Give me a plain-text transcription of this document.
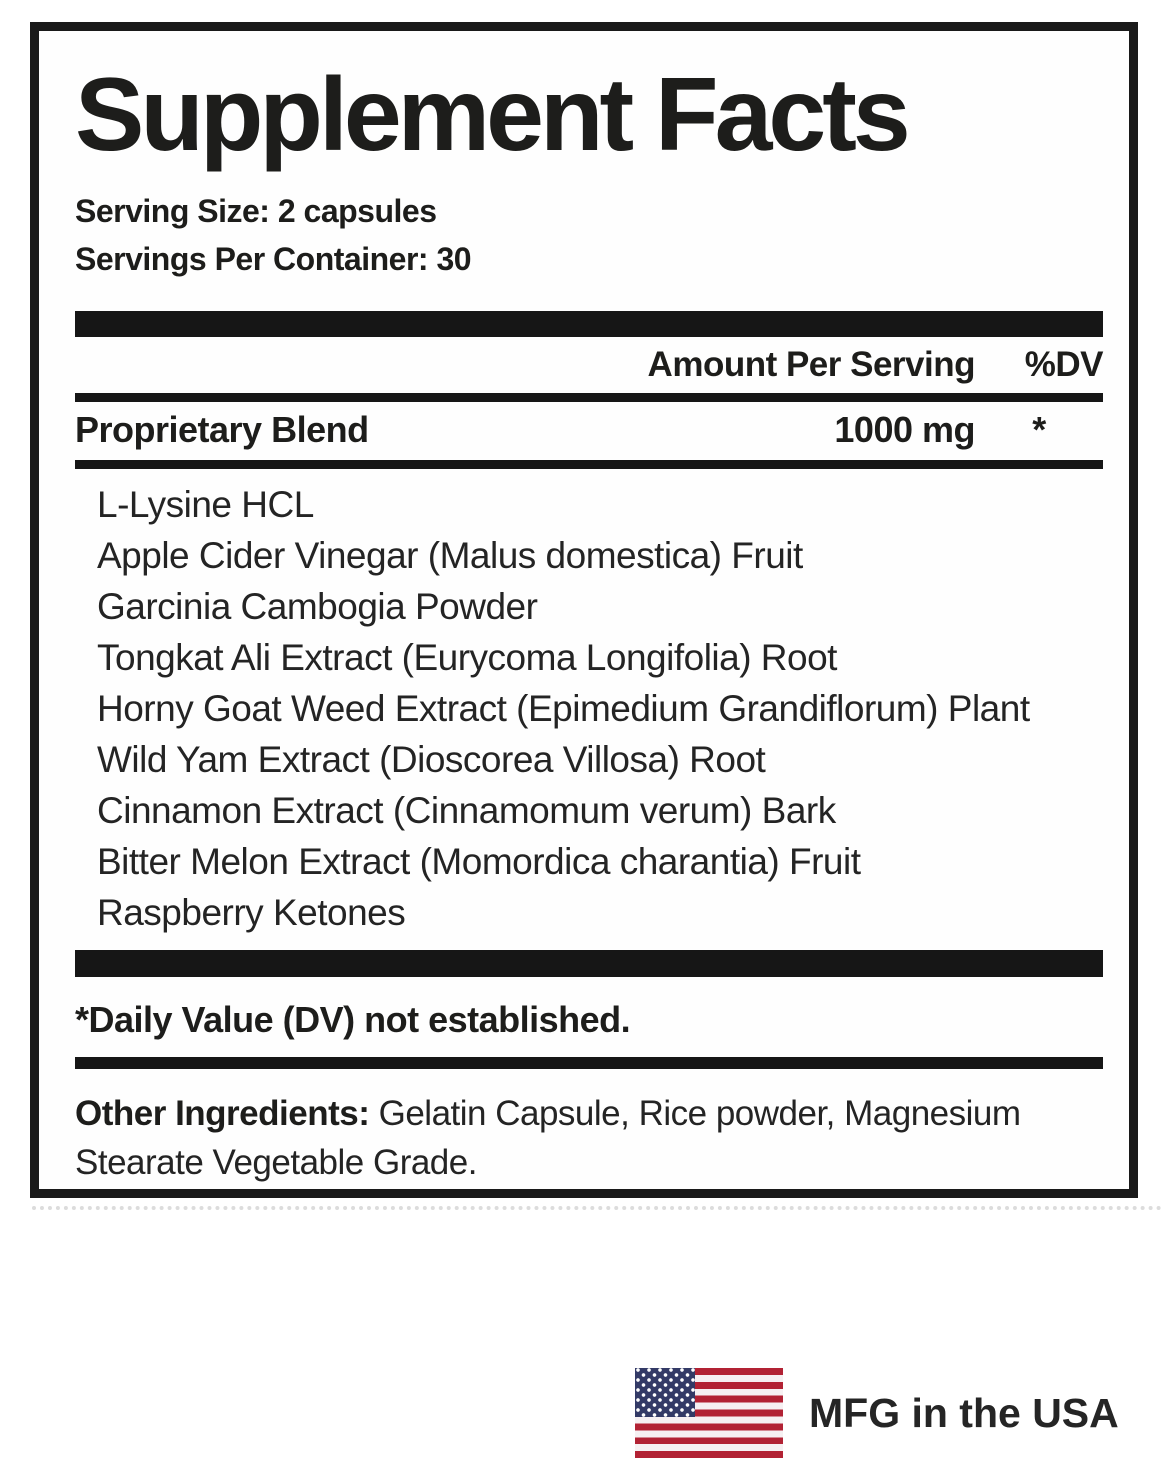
Supplement Facts
Serving Size: 2 capsules
Servings Per Container: 30
Amount Per Serving	%DV
Proprietary Blend	1000 mg	*
L-Lysine HCL
Apple Cider Vinegar (Malus domestica) Fruit
Garcinia Cambogia Powder
Tongkat Ali Extract (Eurycoma Longifolia) Root
Horny Goat Weed Extract (Epimedium Grandiflorum) Plant
Wild Yam Extract (Dioscorea Villosa) Root
Cinnamon Extract (Cinnamomum verum) Bark
Bitter Melon Extract (Momordica charantia) Fruit
Raspberry Ketones
*Daily Value (DV) not established.
Other Ingredients: Gelatin Capsule, Rice powder, Magnesium Stearate Vegetable Grade.
MFG in the USA
